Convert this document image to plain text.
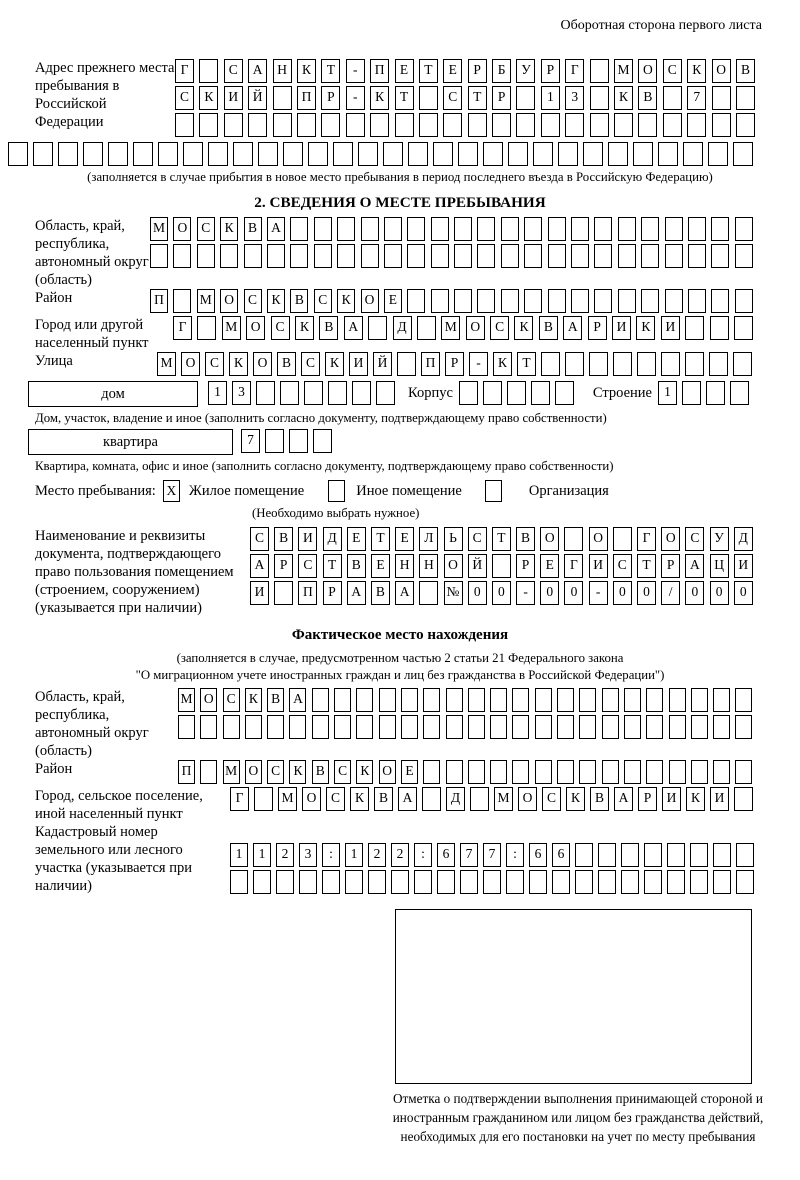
Оборотная сторона первого листа
Адрес прежнего места пребывания в Российской Федерации
Г	С А Н К Т - П Е Т Е Р Б У Р Г	М О С К О В
С К И Й	П Р - К Т	С Т Р	1 3	К В	7
(заполняется в случае прибытия в новое место пребывания в период последнего въезда в Российскую Федерацию)
2. СВЕДЕНИЯ О МЕСТЕ ПРЕБЫВАНИЯ
Область, край, республика, автономный округ (область)
М О С К В А
Район	П	М О С К В С К О Е
Город или другой населенный пункт
Г	М О С К В А	Д	М О С К В А Р И К И
Улица	М О С К О В С К И Й	П Р - К Т
дом	1 3	Корпус	Строение 1
Дом, участок, владение и иное (заполнить согласно документу, подтверждающему право собственности)
квартира	7
Квартира, комната, офис и иное (заполнить согласно документу, подтверждающему право собственности)
Место пребывания: X Жилое помещение	Иное помещение	Организация
(Необходимо выбрать нужное)
Наименование и реквизиты документа, подтверждающего право пользования помещением (строением, сооружением) (указывается при наличии)
С В И Д Е Т Е Л Ь С Т В О	О	Г О С У Д
А Р С Т В Е Н Н О Й	Р Е Г И С Т Р А Ц И
И	П Р А В А	№ 0 0 - 0 0 - 0 0 / 0 0 0
Фактическое место нахождения
(заполняется в случае, предусмотренном частью 2 статьи 21 Федерального закона
"О миграционном учете иностранных граждан и лиц без гражданства в Российской Федерации")
Область, край, республика, автономный округ (область)
М О С К В А
Район	П М О С К В С К О Е
Город, сельское поселение, иной населенный пункт
Г	М О С К В А	Д	М О С К В А Р И К И
Кадастровый номер земельного или лесного участка (указывается при наличии)
1 1 2 3 : 1 2 2 : 6 7 7 : 6 6
Отметка о подтверждении выполнения принимающей стороной и иностранным гражданином или лицом без гражданства действий, необходимых для его постановки на учет по месту пребывания
